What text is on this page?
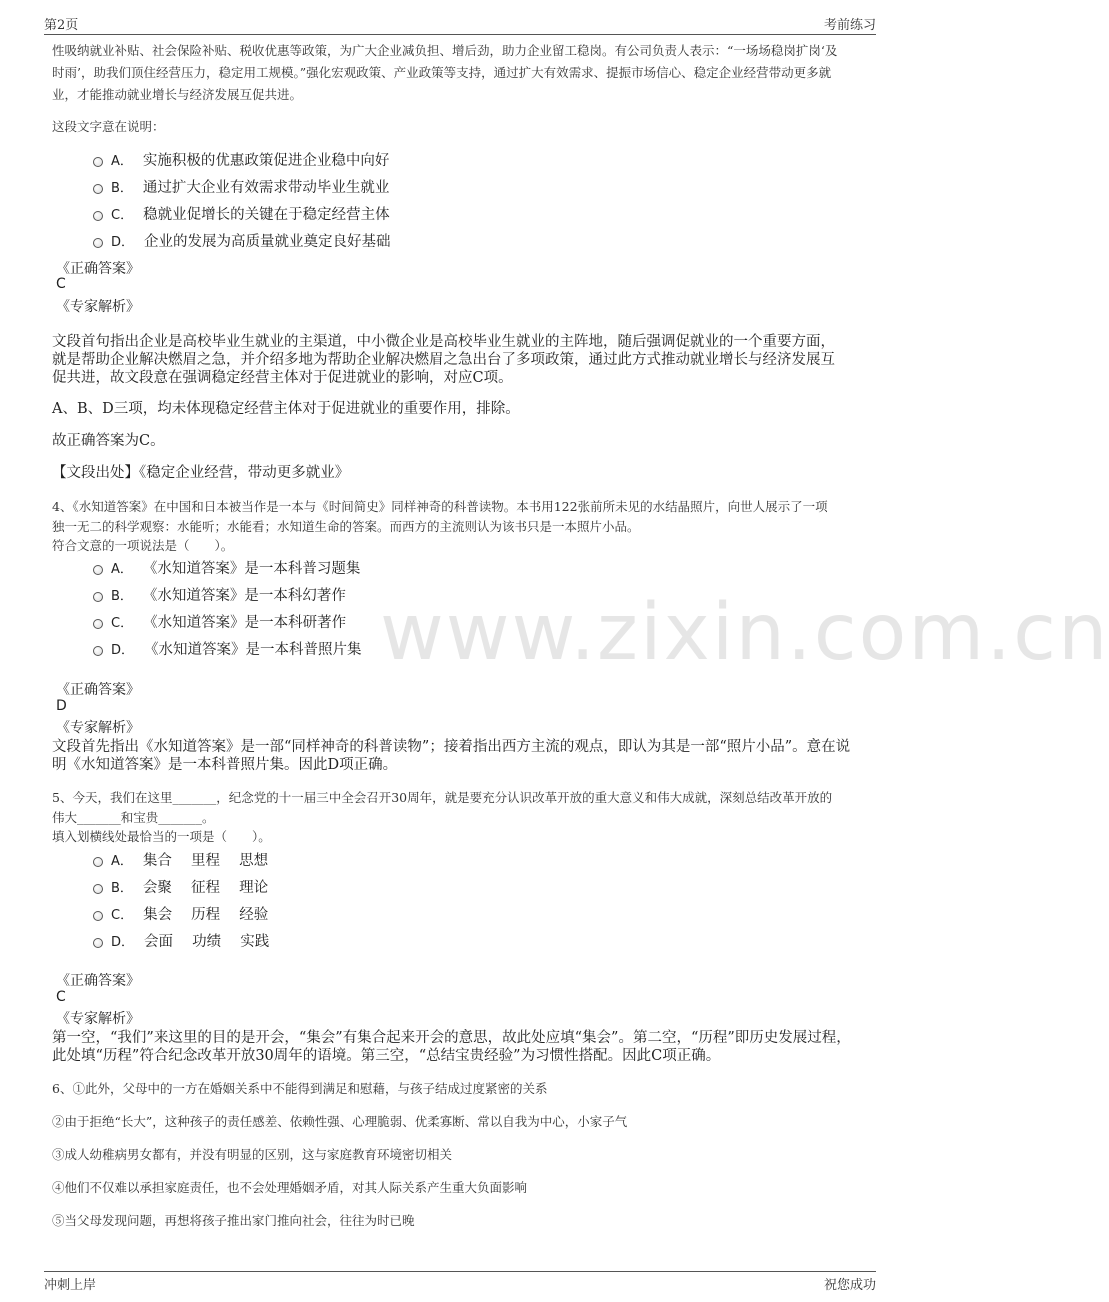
第2页	考前练习
www.zixin.com.cn

性吸纳就业补贴、社会保险补贴、税收优惠等政策，为广大企业减负担、增后劲，助力企业留工稳岗。有公司负责人表示：“一场场稳岗扩岗‘及

时雨’，助我们顶住经营压力，稳定用工规模。”强化宏观政策、产业政策等支持，通过扩大有效需求、提振市场信心、稳定企业经营带动更多就

业，才能推动就业增长与经济发展互促共进。

这段文字意在说明：

A． 实施积极的优惠政策促进企业稳中向好
B． 通过扩大企业有效需求带动毕业生就业
C． 稳就业促增长的关键在于稳定经营主体
D． 企业的发展为高质量就业奠定良好基础

《正确答案》

C

《专家解析》

文段首句指出企业是高校毕业生就业的主渠道，中小微企业是高校毕业生就业的主阵地，随后强调促就业的一个重要方面，

就是帮助企业解决燃眉之急，并介绍多地为帮助企业解决燃眉之急出台了多项政策，通过此方式推动就业增长与经济发展互

促共进，故文段意在强调稳定经营主体对于促进就业的影响，对应C项。

A、B、D三项，均未体现稳定经营主体对于促进就业的重要作用，排除。

故正确答案为C。

【文段出处】《稳定企业经营，带动更多就业》

4、《水知道答案》在中国和日本被当作是一本与《时间简史》同样神奇的科普读物。本书用122张前所未见的水结晶照片，向世人展示了一项

独一无二的科学观察：水能听；水能看；水知道生命的答案。而西方的主流则认为该书只是一本照片小品。

符合文意的一项说法是（　　）。

A． 《水知道答案》是一本科普习题集
B． 《水知道答案》是一本科幻著作
C． 《水知道答案》是一本科研著作
D． 《水知道答案》是一本科普照片集

《正确答案》

D

《专家解析》

文段首先指出《水知道答案》是一部“同样神奇的科普读物”；接着指出西方主流的观点，即认为其是一部“照片小品”。意在说

明《水知道答案》是一本科普照片集。因此D项正确。

5、今天，我们在这里_______，纪念党的十一届三中全会召开30周年，就是要充分认识改革开放的重大意义和伟大成就，深刻总结改革开放的

伟大_______和宝贵_______。

填入划横线处最恰当的一项是（　　）。

A． 集合　 里程　 思想
B． 会聚　 征程　 理论
C． 集会　 历程　 经验
D． 会面　 功绩　 实践

《正确答案》

C

《专家解析》

第一空，“我们”来这里的目的是开会，“集会”有集合起来开会的意思，故此处应填“集会”。第二空，“历程”即历史发展过程，

此处填“历程”符合纪念改革开放30周年的语境。第三空，“总结宝贵经验”为习惯性搭配。因此C项正确。

6、①此外，父母中的一方在婚姻关系中不能得到满足和慰藉，与孩子结成过度紧密的关系

②由于拒绝“长大”，这种孩子的责任感差、依赖性强、心理脆弱、优柔寡断、常以自我为中心，小家子气

③成人幼稚病男女都有，并没有明显的区别，这与家庭教育环境密切相关

④他们不仅难以承担家庭责任，也不会处理婚姻矛盾，对其人际关系产生重大负面影响

⑤当父母发现问题，再想将孩子推出家门推向社会，往往为时已晚

冲刺上岸	祝您成功
